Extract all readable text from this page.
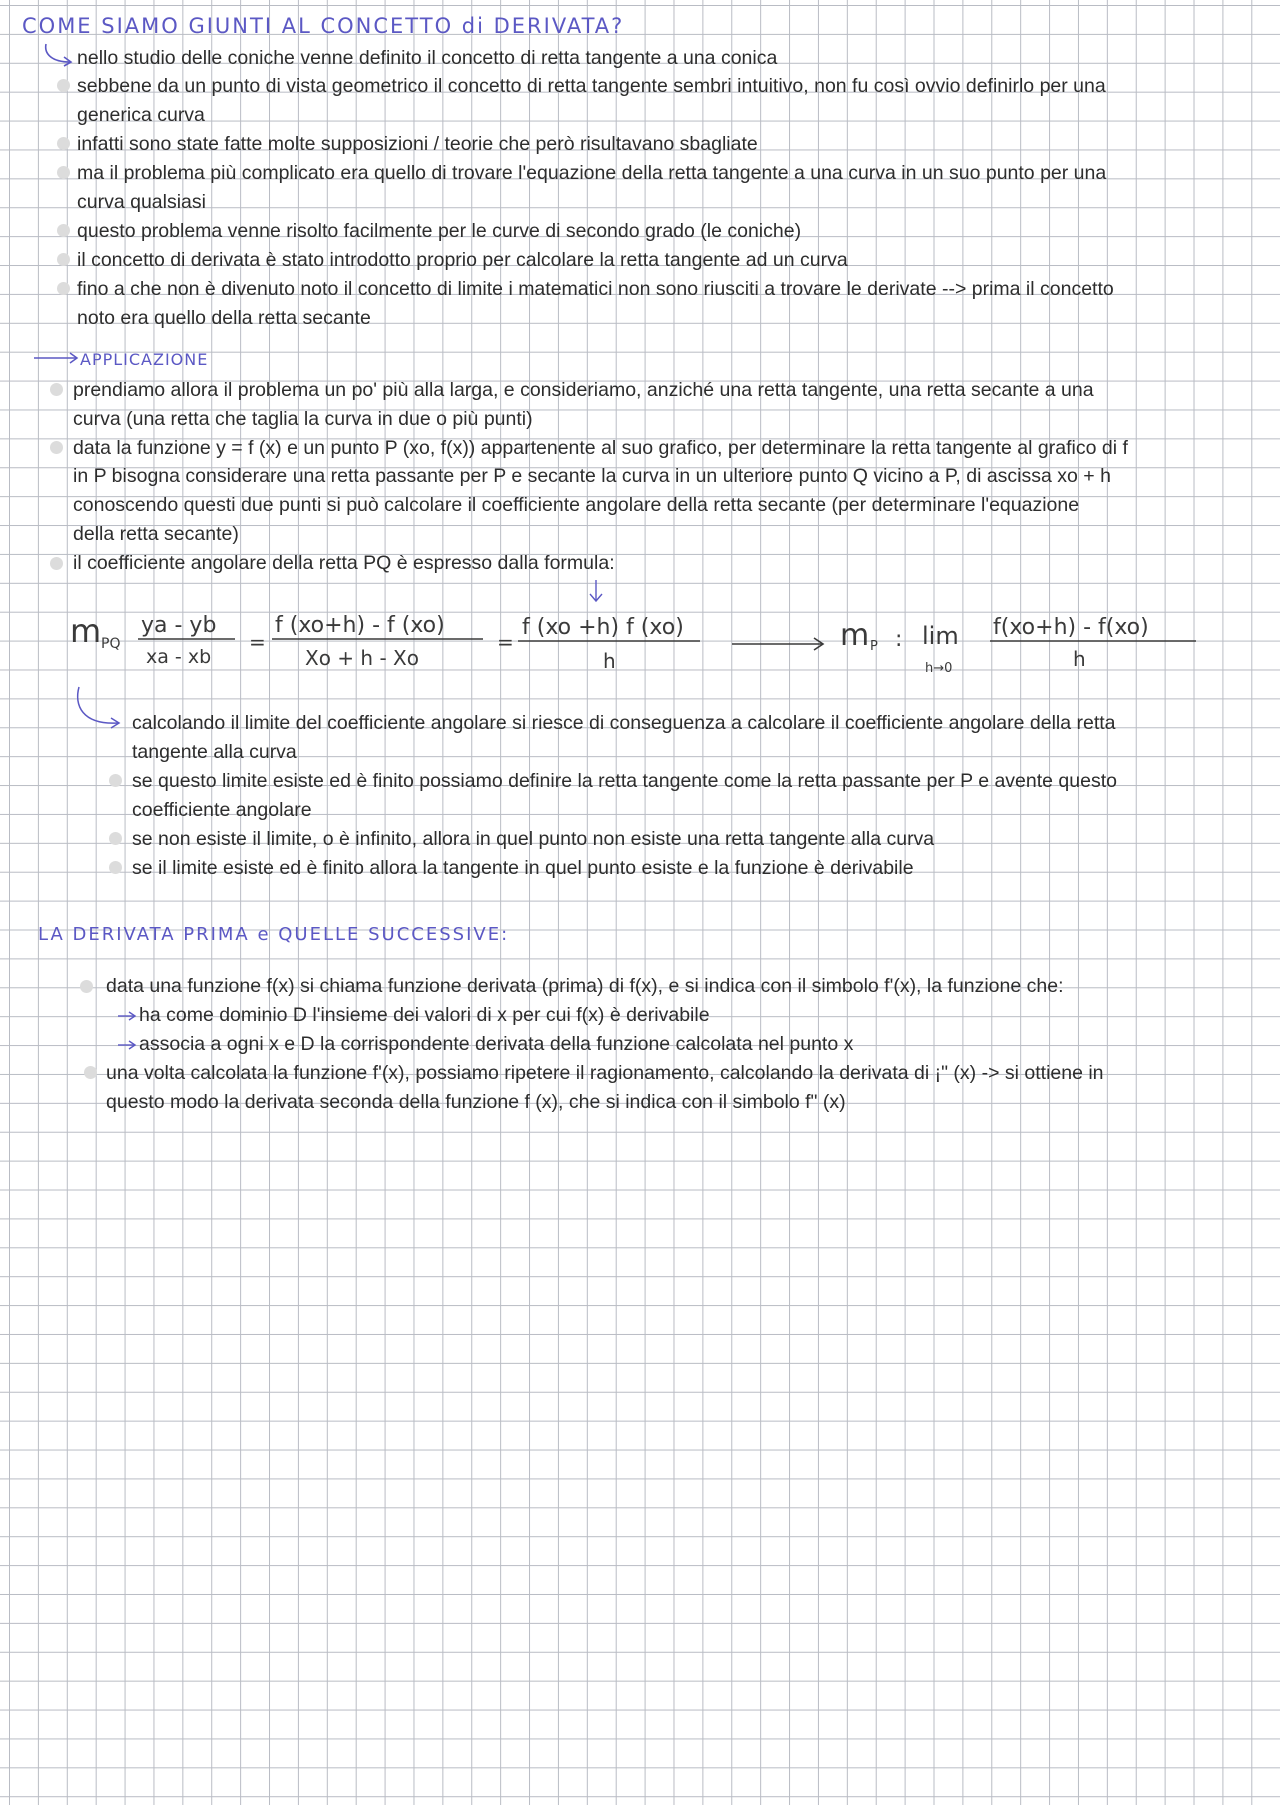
COME SIAMO GIUNTI AL CONCETTO di DERIVATA?
nello studio delle coniche venne definito il concetto di retta tangente a una conica
sebbene da un punto di vista geometrico il concetto di retta tangente sembri intuitivo, non fu così ovvio definirlo per una
generica curva
infatti sono state fatte molte supposizioni / teorie che però risultavano sbagliate
ma il problema più complicato era quello di trovare l'equazione della retta tangente a una curva in un suo punto per una
curva qualsiasi
questo problema venne risolto facilmente per le curve di secondo grado (le coniche)
il concetto di derivata è stato introdotto proprio per calcolare la retta tangente ad un curva
fino a che non è divenuto noto il concetto di limite i matematici non sono riusciti a trovare le derivate --> prima il concetto
noto era quello della retta secante
APPLICAZIONE
prendiamo allora il problema un po' più alla larga, e consideriamo, anziché una retta tangente, una retta secante a una
curva (una retta che taglia la curva in due o più punti)
data la funzione y = f (x) e un punto P (xo, f(x)) appartenente al suo grafico, per determinare la retta tangente al grafico di f
in P bisogna considerare una retta passante per P e secante la curva in un ulteriore punto Q vicino a P, di ascissa xo + h
conoscendo questi due punti si può calcolare il coefficiente angolare della retta secante (per determinare l'equazione
della retta secante)
il coefficiente angolare della retta PQ è espresso dalla formula:
m PQ
ya - yb
xa - xb
=
f (xo+h) - f (xo)
Xo + h - Xo
=
f (xo +h) f (xo)
h
m P : lim
h→0
f(xo+h) - f(xo)
h
calcolando il limite del coefficiente angolare si riesce di conseguenza a calcolare il coefficiente angolare della retta
tangente alla curva
se questo limite esiste ed è finito possiamo definire la retta tangente come la retta passante per P e avente questo
coefficiente angolare
se non esiste il limite, o è infinito, allora in quel punto non esiste una retta tangente alla curva
se il limite esiste ed è finito allora la tangente in quel punto esiste e la funzione è derivabile
LA DERIVATA PRIMA e QUELLE SUCCESSIVE:
data una funzione f(x) si chiama funzione derivata (prima) di f(x), e si indica con il simbolo f'(x), la funzione che:
ha come dominio D l'insieme dei valori di x per cui f(x) è derivabile
associa a ogni x e D la corrispondente derivata della funzione calcolata nel punto x
una volta calcolata la funzione f'(x), possiamo ripetere il ragionamento, calcolando la derivata di ¡" (x) -> si ottiene in
questo modo la derivata seconda della funzione f (x), che si indica con il simbolo f" (x)
